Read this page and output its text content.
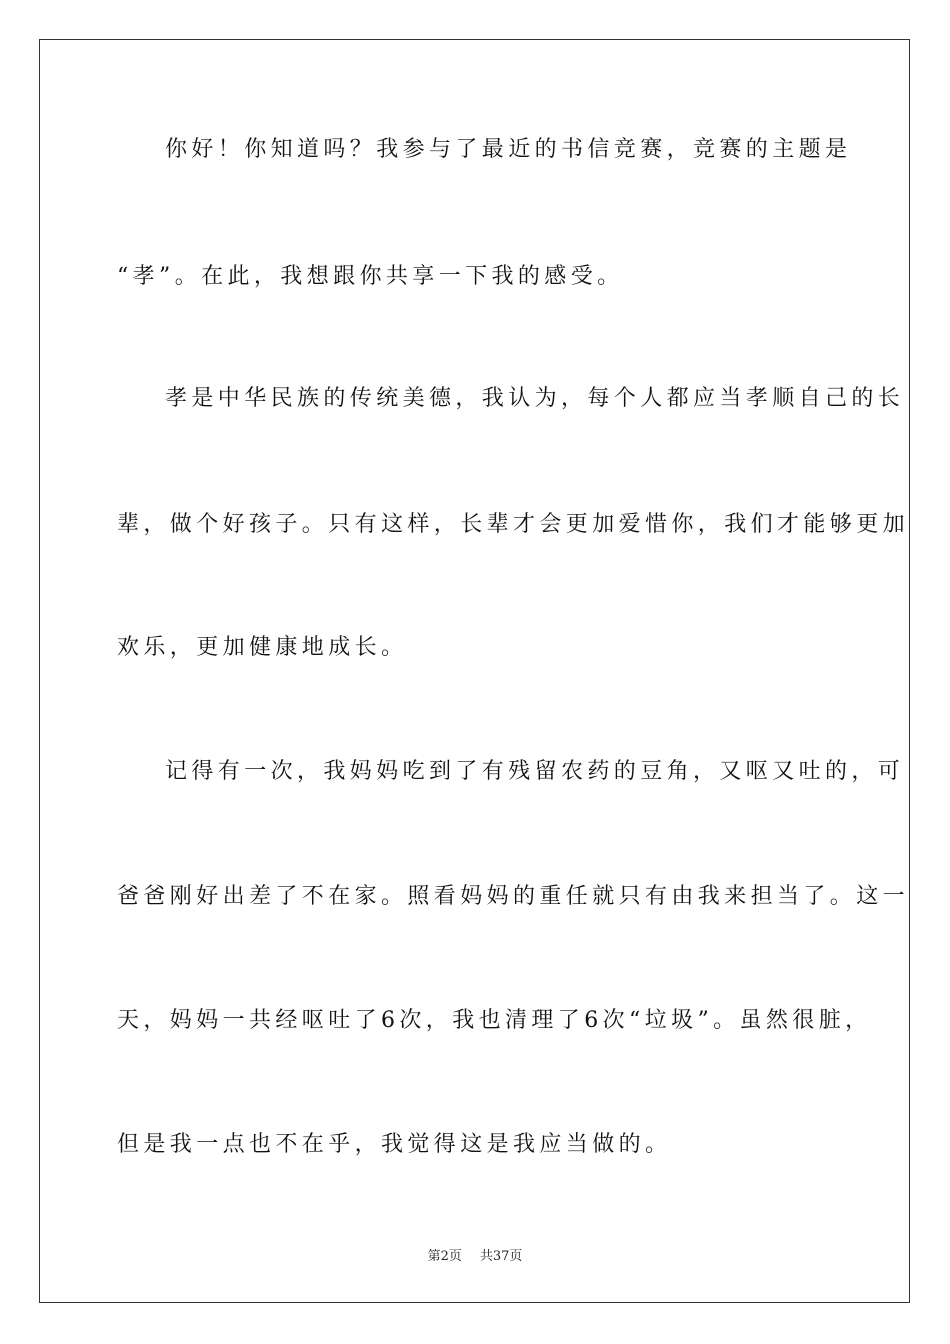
你好！你知道吗？我参与了最近的书信竞赛，竞赛的主题是
“孝”。在此，我想跟你共享一下我的感受。
孝是中华民族的传统美德，我认为，每个人都应当孝顺自己的长
辈，做个好孩子。只有这样，长辈才会更加爱惜你，我们才能够更加
欢乐，更加健康地成长。
记得有一次，我妈妈吃到了有残留农药的豆角，又呕又吐的，可
爸爸刚好出差了不在家。照看妈妈的重任就只有由我来担当了。这一
天，妈妈一共经呕吐了6次，我也清理了6次“垃圾”。虽然很脏，
但是我一点也不在乎，我觉得这是我应当做的。
第2页 共37页
